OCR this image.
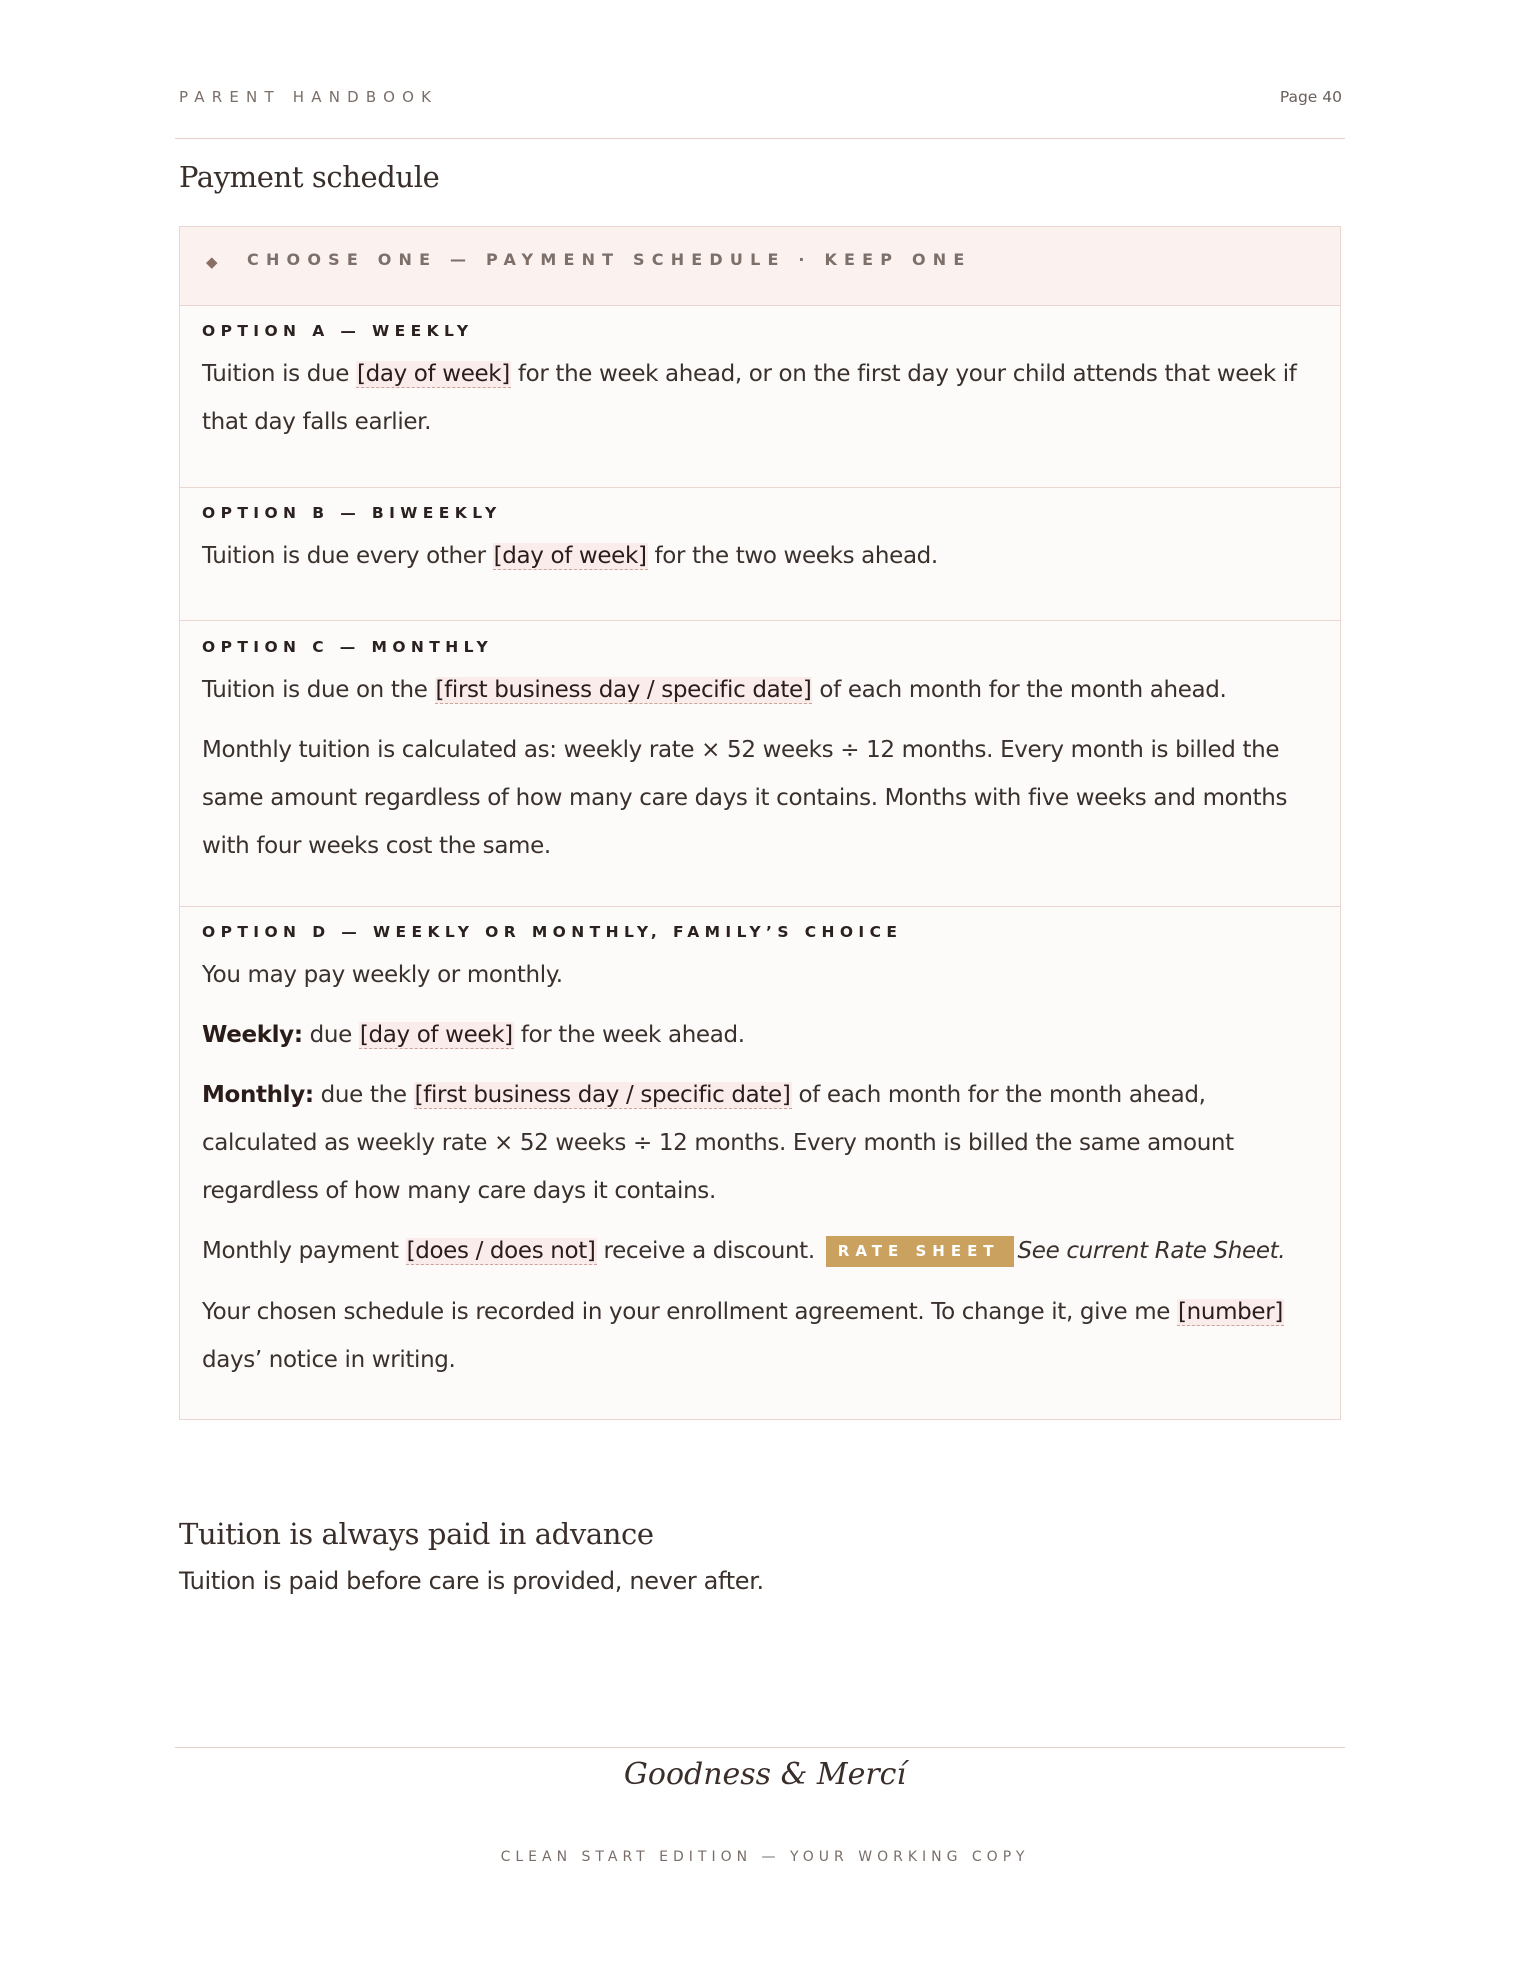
PARENT HANDBOOK	Page 40
Payment schedule
◆ CHOOSE ONE — PAYMENT SCHEDULE · KEEP ONE
OPTION A — WEEKLY
Tuition is due [day of week] for the week ahead, or on the first day your child attends that week if that day falls earlier.
OPTION B — BIWEEKLY
Tuition is due every other [day of week] for the two weeks ahead.
OPTION C — MONTHLY
Tuition is due on the [first business day / specific date] of each month for the month ahead.
Monthly tuition is calculated as: weekly rate × 52 weeks ÷ 12 months. Every month is billed the same amount regardless of how many care days it contains. Months with five weeks and months with four weeks cost the same.
OPTION D — WEEKLY OR MONTHLY, FAMILY’S CHOICE
You may pay weekly or monthly.
Weekly: due [day of week] for the week ahead.
Monthly: due the [first business day / specific date] of each month for the month ahead, calculated as weekly rate × 52 weeks ÷ 12 months. Every month is billed the same amount regardless of how many care days it contains.
Monthly payment [does / does not] receive a discount. RATE SHEET See current Rate Sheet.
Your chosen schedule is recorded in your enrollment agreement. To change it, give me [number] days’ notice in writing.
Tuition is always paid in advance
Tuition is paid before care is provided, never after.
Goodness & Mercí
CLEAN START EDITION — YOUR WORKING COPY
